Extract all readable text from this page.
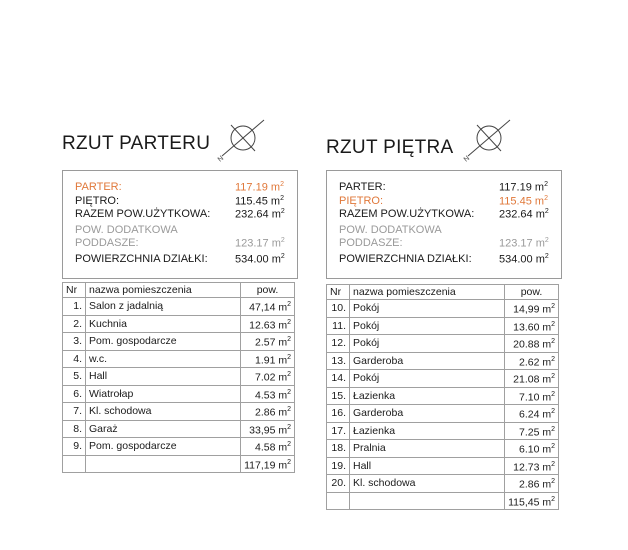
RZUT PARTERU
N
PARTER:	117.19 $m^2$
PIĘTRO:	115.45 $m^2$
RAZEM POW.UŻYTKOWA: 232.64 $m^2$
POW. DODATKOWA
PODDASZE:	123.17 $m^2$
POWIERZCHNIA DZIAŁKI: 534.00 $m^2$
Nr	nazwa pomieszczenia	pow.
1.	Salon z jadalnią	47,14 $m^2$
2.	Kuchnia	12.63 $m^2$
3.	Pom. gospodarcze	2.57 $m^2$
4.	w.c.	1.91 $m^2$
5.	Hall	7.02 $m^2$
6.	Wiatrołap	4.53 $m^2$
7.	Kl. schodowa	2.86 $m^2$
8.	Garaż	33,95 $m^2$
9.	Pom. gospodarcze	4.58 $m^2$
		117,19 $m^2$
RZUT PIĘTRA
N
PARTER:	117.19 $m^2$
PIĘTRO:	115.45 $m^2$
RAZEM POW.UŻYTKOWA: 232.64 $m^2$
POW. DODATKOWA
PODDASZE:	123.17 $m^2$
POWIERZCHNIA DZIAŁKI: 534.00 $m^2$
Nr	nazwa pomieszczenia	pow.
10.	Pokój	14,99 $m^2$
11.	Pokój	13.60 $m^2$
12.	Pokój	20.88 $m^2$
13.	Garderoba	2.62 $m^2$
14.	Pokój	21.08 $m^2$
15.	Łazienka	7.10 $m^2$
16.	Garderoba	6.24 $m^2$
17.	Łazienka	7.25 $m^2$
18.	Pralnia	6.10 $m^2$
19.	Hall	12.73 $m^2$
20.	Kl. schodowa	2.86 $m^2$
		115,45 $m^2$
